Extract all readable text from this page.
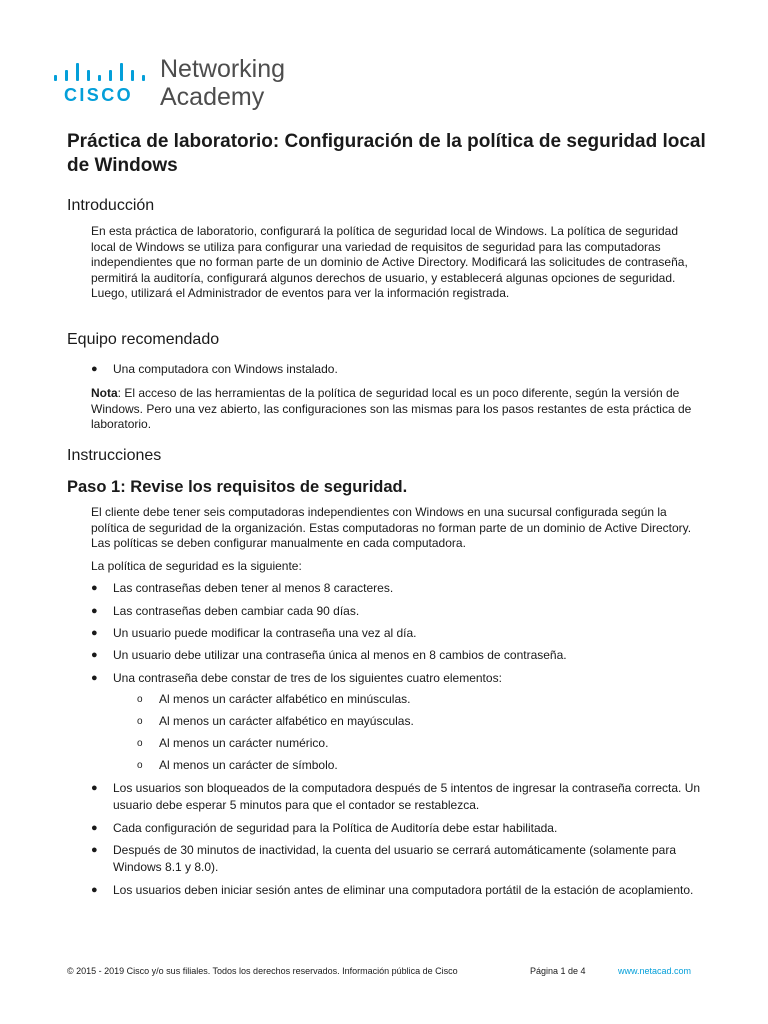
CISCO
Networking
Academy
Práctica de laboratorio: Configuración de la política de seguridad local de Windows
Introducción

En esta práctica de laboratorio, configurará la política de seguridad local de Windows. La política de seguridad local de Windows se utiliza para configurar una variedad de requisitos de seguridad para las computadoras independientes que no forman parte de un dominio de Active Directory. Modificará las solicitudes de contraseña, permitirá la auditoría, configurará algunos derechos de usuario, y establecerá algunas opciones de seguridad. Luego, utilizará el Administrador de eventos para ver la información registrada.

Equipo recomendado
● Una computadora con Windows instalado.

Nota: El acceso de las herramientas de la política de seguridad local es un poco diferente, según la versión de Windows. Pero una vez abierto, las configuraciones son las mismas para los pasos restantes de esta práctica de laboratorio.

Instrucciones
Paso 1: Revise los requisitos de seguridad.

El cliente debe tener seis computadoras independientes con Windows en una sucursal configurada según la política de seguridad de la organización. Estas computadoras no forman parte de un dominio de Active Directory. Las políticas se deben configurar manualmente en cada computadora.

La política de seguridad es la siguiente:

● Las contraseñas deben tener al menos 8 caracteres.
● Las contraseñas deben cambiar cada 90 días.
● Un usuario puede modificar la contraseña una vez al día.
● Un usuario debe utilizar una contraseña única al menos en 8 cambios de contraseña.
● Una contraseña debe constar de tres de los siguientes cuatro elementos:
o Al menos un carácter alfabético en minúsculas.
o Al menos un carácter alfabético en mayúsculas.
o Al menos un carácter numérico.
o Al menos un carácter de símbolo.
● Los usuarios son bloqueados de la computadora después de 5 intentos de ingresar la contraseña correcta. Un usuario debe esperar 5 minutos para que el contador se restablezca.
● Cada configuración de seguridad para la Política de Auditoría debe estar habilitada.
● Después de 30 minutos de inactividad, la cuenta del usuario se cerrará automáticamente (solamente para Windows 8.1 y 8.0).
● Los usuarios deben iniciar sesión antes de eliminar una computadora portátil de la estación de acoplamiento.
© 2015 - 2019 Cisco y/o sus filiales. Todos los derechos reservados. Información pública de Cisco	Página 1 de 4	www.netacad.com
